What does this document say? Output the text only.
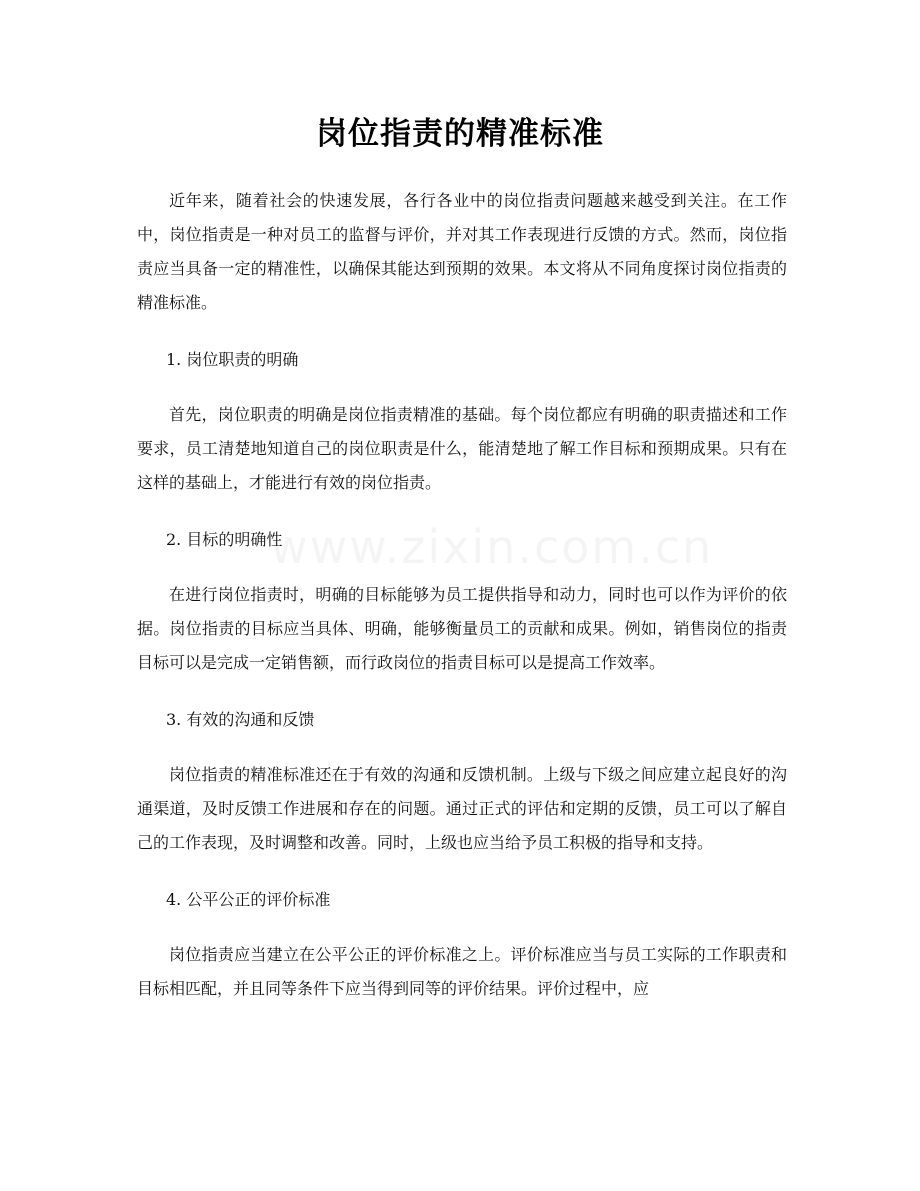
岗位指责的精准标准

近年来，随着社会的快速发展，各行各业中的岗位指责问题越来越受到关注。在工作中，岗位指责是一种对员工的监督与评价，并对其工作表现进行反馈的方式。然而，岗位指责应当具备一定的精准性，以确保其能达到预期的效果。本文将从不同角度探讨岗位指责的精准标准。

1. 岗位职责的明确

首先，岗位职责的明确是岗位指责精准的基础。每个岗位都应有明确的职责描述和工作要求，员工清楚地知道自己的岗位职责是什么，能清楚地了解工作目标和预期成果。只有在这样的基础上，才能进行有效的岗位指责。

2. 目标的明确性

在进行岗位指责时，明确的目标能够为员工提供指导和动力，同时也可以作为评价的依据。岗位指责的目标应当具体、明确，能够衡量员工的贡献和成果。例如，销售岗位的指责目标可以是完成一定销售额，而行政岗位的指责目标可以是提高工作效率。

3. 有效的沟通和反馈

岗位指责的精准标准还在于有效的沟通和反馈机制。上级与下级之间应建立起良好的沟通渠道，及时反馈工作进展和存在的问题。通过正式的评估和定期的反馈，员工可以了解自己的工作表现，及时调整和改善。同时，上级也应当给予员工积极的指导和支持。

4. 公平公正的评价标准

岗位指责应当建立在公平公正的评价标准之上。评价标准应当与员工实际的工作职责和目标相匹配，并且同等条件下应当得到同等的评价结果。评价过程中，应
